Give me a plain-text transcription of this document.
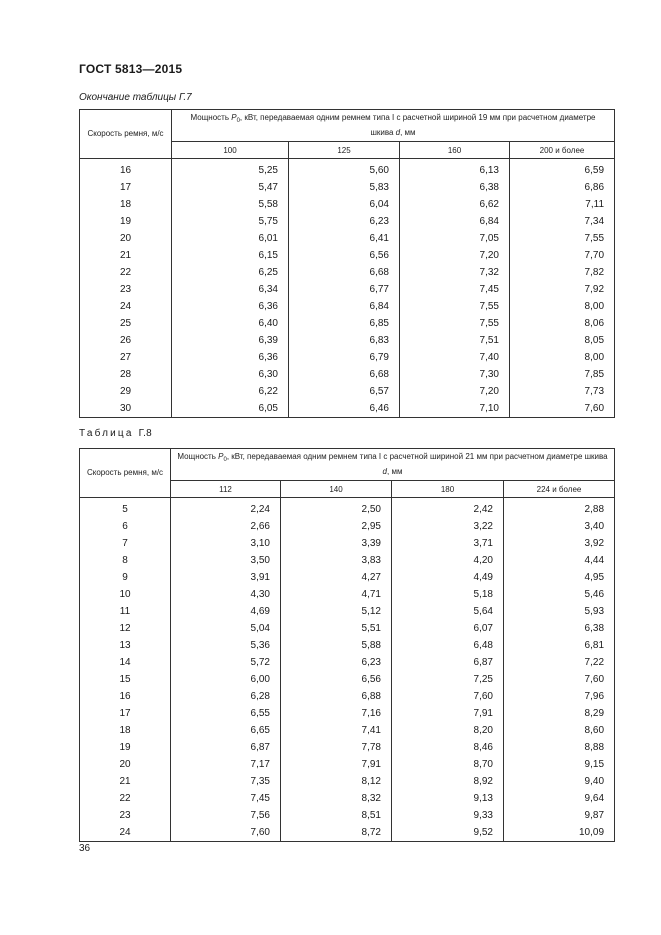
ГОСТ 5813—2015
Окончание таблицы Г.7
Скорость ремня, м/с	Мощность $P_0$, кВт, передаваемая одним ремнем типа I с расчетной шириной 19 мм при расчетном диаметре шкива d, мм			
	100	125	160	200 и более
16	5,25	5,60	6,13	6,59
17	5,47	5,83	6,38	6,86
18	5,58	6,04	6,62	7,11
19	5,75	6,23	6,84	7,34
20	6,01	6,41	7,05	7,55
21	6,15	6,56	7,20	7,70
22	6,25	6,68	7,32	7,82
23	6,34	6,77	7,45	7,92
24	6,36	6,84	7,55	8,00
25	6,40	6,85	7,55	8,06
26	6,39	6,83	7,51	8,05
27	6,36	6,79	7,40	8,00
28	6,30	6,68	7,30	7,85
29	6,22	6,57	7,20	7,73
30	6,05	6,46	7,10	7,60
Таблица Г.8
Скорость ремня, м/с	Мощность $P_0$, кВт, передаваемая одним ремнем типа I с расчетной шириной 21 мм при расчетном диаметре шкива d, мм			
	112	140	180	224 и более
5	2,24	2,50	2,42	2,88
6	2,66	2,95	3,22	3,40
7	3,10	3,39	3,71	3,92
8	3,50	3,83	4,20	4,44
9	3,91	4,27	4,49	4,95
10	4,30	4,71	5,18	5,46
11	4,69	5,12	5,64	5,93
12	5,04	5,51	6,07	6,38
13	5,36	5,88	6,48	6,81
14	5,72	6,23	6,87	7,22
15	6,00	6,56	7,25	7,60
16	6,28	6,88	7,60	7,96
17	6,55	7,16	7,91	8,29
18	6,65	7,41	8,20	8,60
19	6,87	7,78	8,46	8,88
20	7,17	7,91	8,70	9,15
21	7,35	8,12	8,92	9,40
22	7,45	8,32	9,13	9,64
23	7,56	8,51	9,33	9,87
24	7,60	8,72	9,52	10,09
36
